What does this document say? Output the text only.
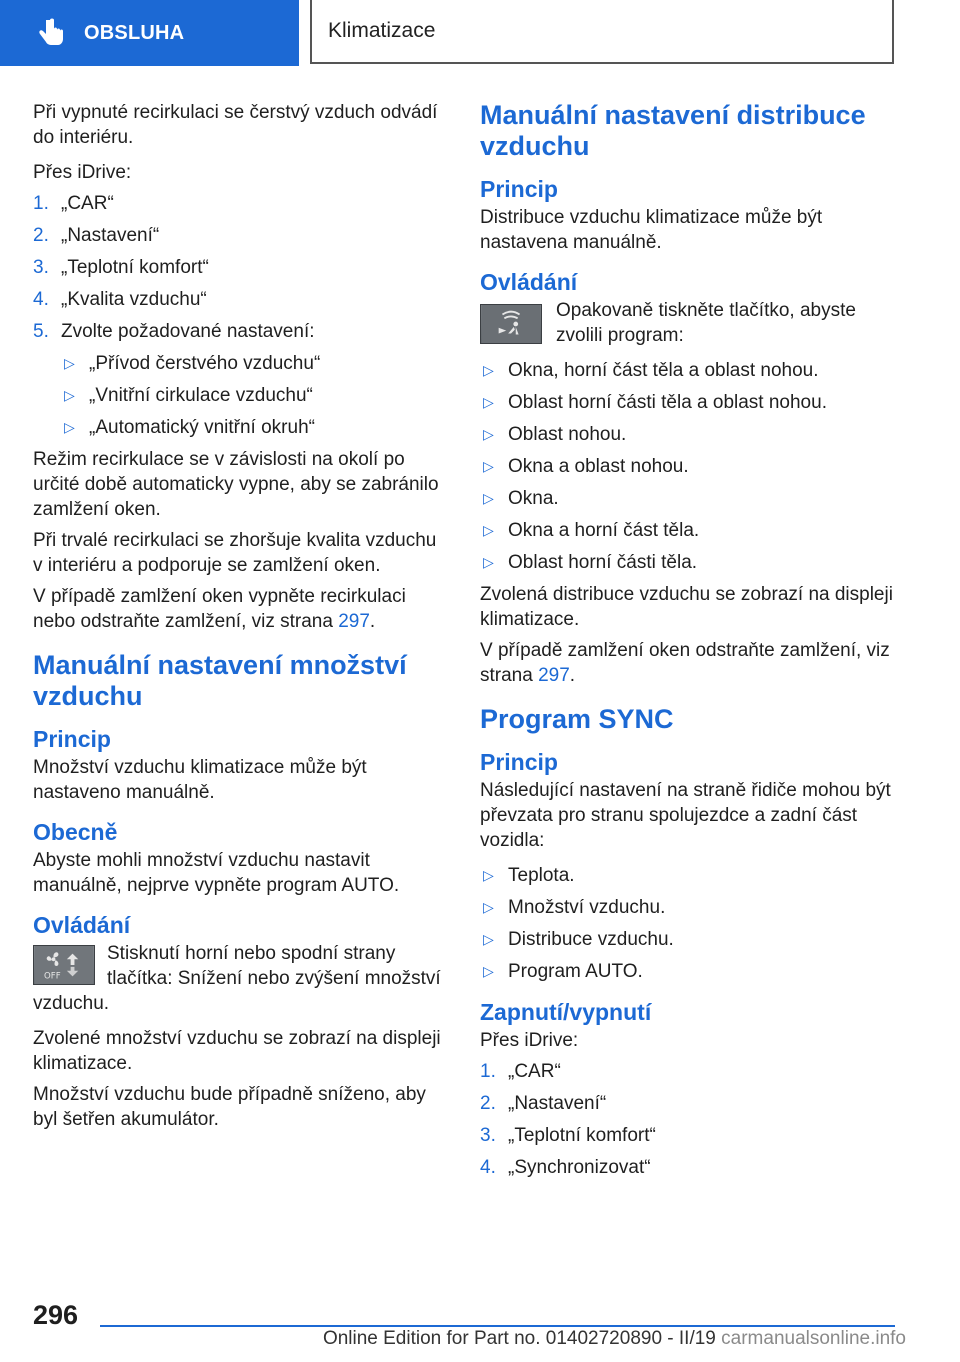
OBSLUHA	Klimatizace

Při vypnuté recirkulaci se čerstvý vzduch odvádí do interiéru.

Přes iDrive:

1. „CAR“
2. „Nastavení“
3. „Teplotní komfort“
4. „Kvalita vzduchu“
5. Zvolte požadované nastavení:
▷ „Přívod čerstvého vzduchu“
▷ „Vnitřní cirkulace vzduchu“
▷ „Automatický vnitřní okruh“

Režim recirkulace se v závislosti na okolí po určité době automaticky vypne, aby se zabránilo zamlžení oken.

Při trvalé recirkulaci se zhoršuje kvalita vzduchu v interiéru a podporuje se zamlžení oken.

V případě zamlžení oken vypněte recirkulaci nebo odstraňte zamlžení, viz strana 297.

Manuální nastavení množství vzduchu
Princip

Množství vzduchu klimatizace může být nastaveno manuálně.

Obecně

Abyste mohli množství vzduchu nastavit manuálně, nejprve vypněte program AUTO.

Ovládání
OFF

Stisknutí horní nebo spodní strany tlačítka: Snížení nebo zvýšení množství vzduchu.

Zvolené množství vzduchu se zobrazí na displeji klimatizace.

Množství vzduchu bude případně sníženo, aby byl šetřen akumulátor.

Manuální nastavení distribuce vzduchu
Princip

Distribuce vzduchu klimatizace může být nastavena manuálně.

Ovládání
Opakovaně tiskněte tlačítko, abyste zvolili program:
▷ Okna, horní část těla a oblast nohou.
▷ Oblast horní části těla a oblast nohou.
▷ Oblast nohou.
▷ Okna a oblast nohou.
▷ Okna.
▷ Okna a horní část těla.
▷ Oblast horní části těla.

Zvolená distribuce vzduchu se zobrazí na displeji klimatizace.

V případě zamlžení oken odstraňte zamlžení, viz strana 297.

Program SYNC
Princip

Následující nastavení na straně řidiče mohou být převzata pro stranu spolujezdce a zadní část vozidla:

▷ Teplota.
▷ Množství vzduchu.
▷ Distribuce vzduchu.
▷ Program AUTO.
Zapnutí/vypnutí

Přes iDrive:

1. „CAR“
2. „Nastavení“
3. „Teplotní komfort“
4. „Synchronizovat“
296
Online Edition for Part no. 01402720890 - II/19 carmanualsonline.info
